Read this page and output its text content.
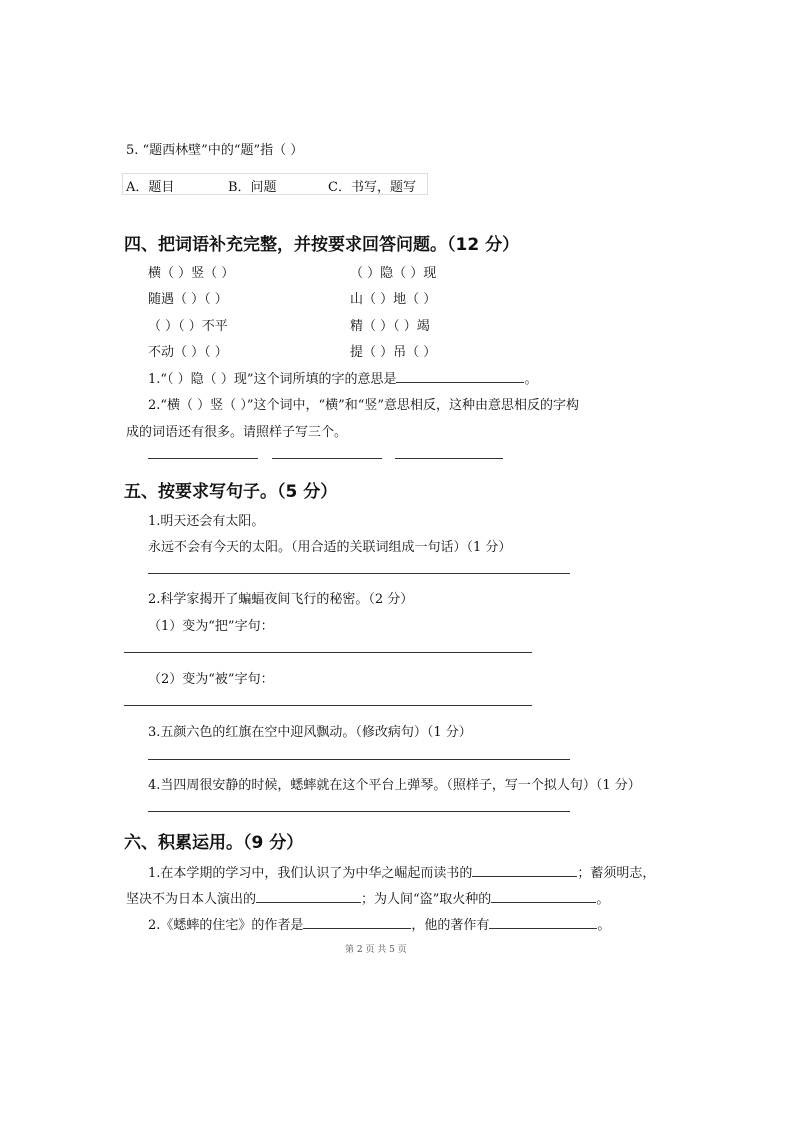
5. “题西林壁”中的“题”指（ ）
A．题目	B．问题	C．书写，题写
四、把词语补充完整，并按要求回答问题。（12 分）
横（ ）竖（ ）	（ ）隐（ ）现
随遇（ ）（ ）	山（ ）地（ ）
（ ）（ ）不平	精（ ）（ ）竭
不动（ ）（ ）	提（ ）吊（ ）
1.“（ ）隐（ ）现”这个词所填的字的意思是	。
2.“横（ ）竖（ ）”这个词中，“横”和“竖”意思相反，这种由意思相反的字构
成的词语还有很多。请照样子写三个。
五、按要求写句子。（5 分）
1.明天还会有太阳。
永远不会有今天的太阳。（用合适的关联词组成一句话）（1 分）
2.科学家揭开了蝙蝠夜间飞行的秘密。（2 分）
（1）变为“把”字句：
（2）变为“被”字句：
3.五颜六色的红旗在空中迎风飘动。（修改病句）（1 分）
4.当四周很安静的时候，蟋蟀就在这个平台上弹琴。（照样子，写一个拟人句）（1 分）
六、积累运用。（9 分）
1.在本学期的学习中，我们认识了为中华之崛起而读书的	；蓄须明志，
坚决不为日本人演出的	；为人间“盗”取火种的	。
2.《蟋蟀的住宅》的作者是	，他的著作有	。
第 2 页 共 5 页
